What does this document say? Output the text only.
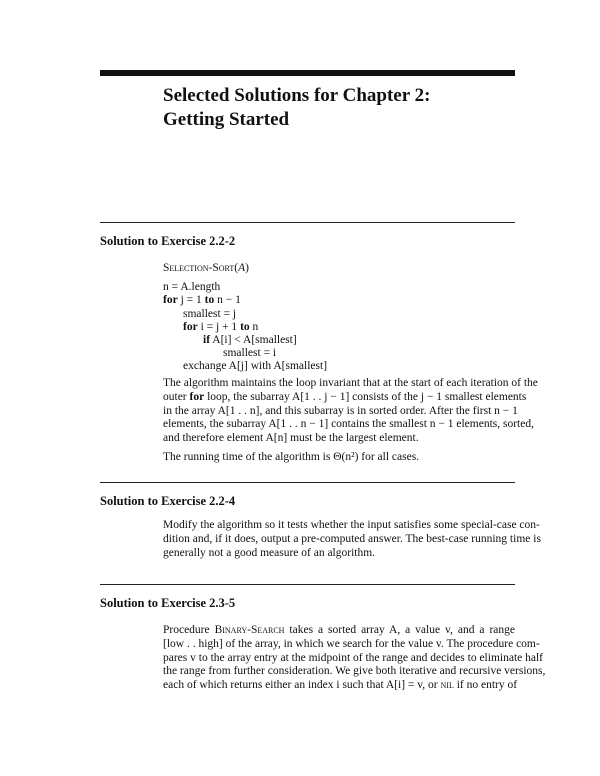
Selected Solutions for Chapter 2:
Getting Started
Solution to Exercise 2.2-2
Selection-Sort(A)
n = A.length
for j = 1 to n − 1
smallest = j
for i = j + 1 to n
if A[i] < A[smallest]
smallest = i
exchange A[j] with A[smallest]

The algorithm maintains the loop invariant that at the start of each iteration of the
outer for loop, the subarray A[1 . . j − 1] consists of the j − 1 smallest elements
in the array A[1 . . n], and this subarray is in sorted order. After the first n − 1
elements, the subarray A[1 . . n − 1] contains the smallest n − 1 elements, sorted,
and therefore element A[n] must be the largest element.

The running time of the algorithm is Θ(n²) for all cases.

Solution to Exercise 2.2-4

Modify the algorithm so it tests whether the input satisfies some special-case con-
dition and, if it does, output a pre-computed answer. The best-case running time is
generally not a good measure of an algorithm.

Solution to Exercise 2.3-5

Procedure Binary-Search takes a sorted array A, a value v, and a range
[low . . high] of the array, in which we search for the value v. The procedure com-
pares v to the array entry at the midpoint of the range and decides to eliminate half
the range from further consideration. We give both iterative and recursive versions,
each of which returns either an index i such that A[i] = v, or nil if no entry of
